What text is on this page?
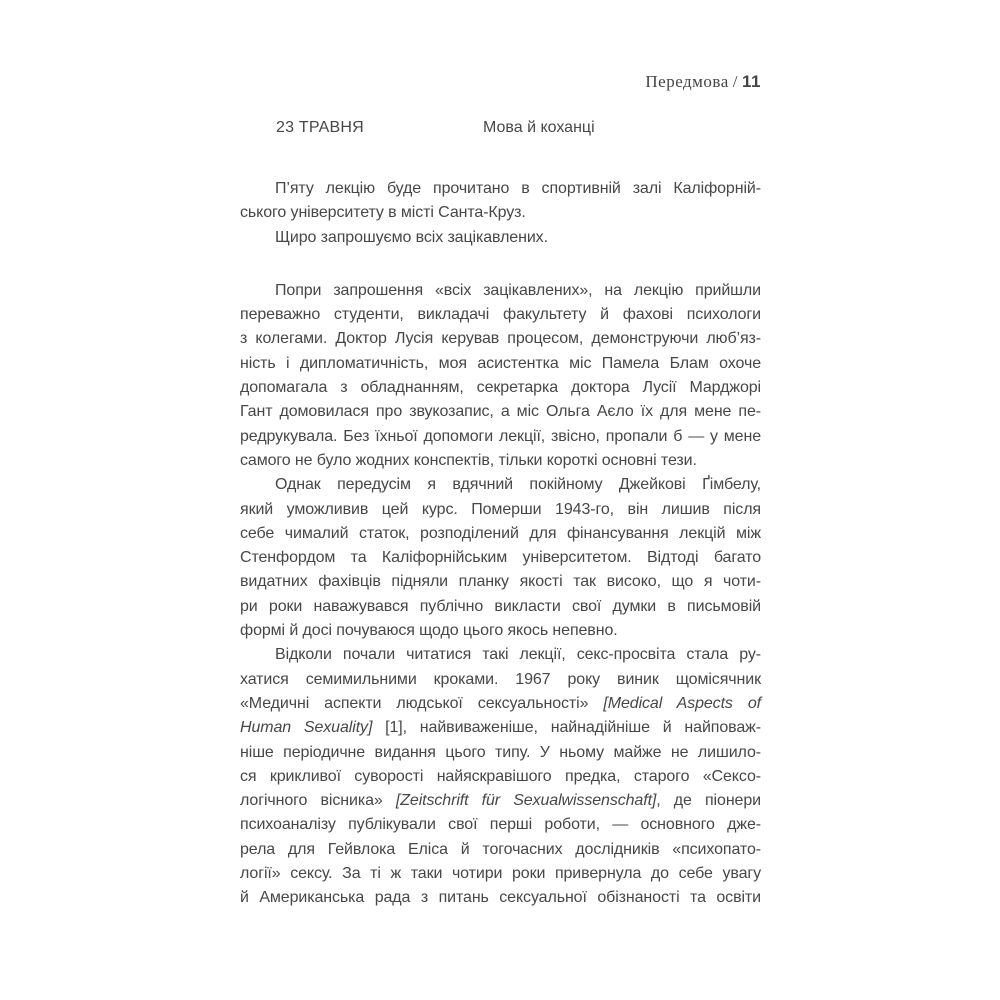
Передмова / 11
23 ТРАВНЯ	Мова й коханці
П’яту лекцію буде прочитано в спортивній залі Каліфорній-
ського університету в місті Санта-Круз.
Щиро запрошуємо всіх зацікавлених.
Попри запрошення «всіх зацікавлених», на лекцію прийшли
переважно студенти, викладачі факультету й фахові психологи
з колегами. Доктор Лусія керував процесом, демонструючи люб’яз-
ність і дипломатичність, моя асистентка міс Памела Блам охоче
допомагала з обладнанням, секретарка доктора Лусії Марджорі
Гант домовилася про звукозапис, а міс Ольга Аєло їх для мене пе-
редрукувала. Без їхньої допомоги лекції, звісно, пропали б — у мене
самого не було жодних конспектів, тільки короткі основні тези.
Однак передусім я вдячний покійному Джейкові Ґімбелу,
який уможливив цей курс. Померши 1943-го, він лишив після
себе чималий статок, розподілений для фінансування лекцій між
Стенфордом та Каліфорнійським університетом. Відтоді багато
видатних фахівців підняли планку якості так високо, що я чоти-
ри роки наважувався публічно викласти свої думки в письмовій
формі й досі почуваюся щодо цього якось непевно.
Відколи почали читатися такі лекції, секс-просвіта стала ру-
хатися семимильними кроками. 1967 року виник щомісячник
«Медичні аспекти людської сексуальності» [Medical Aspects of
Human Sexuality] [1], найвиваженіше, найнадійніше й найповаж-
ніше періодичне видання цього типу. У ньому майже не лишило-
ся крикливої суворості найяскравішого предка, старого «Сексо-
логічного вісника» [Zeitschrift für Sexualwissenschaft], де піонери
психоаналізу публікували свої перші роботи, — основного дже-
рела для Гейвлока Еліса й тогочасних дослідників «психопато-
логії» сексу. За ті ж таки чотири роки привернула до себе увагу
й Американська рада з питань сексуальної обізнаності та освіти
